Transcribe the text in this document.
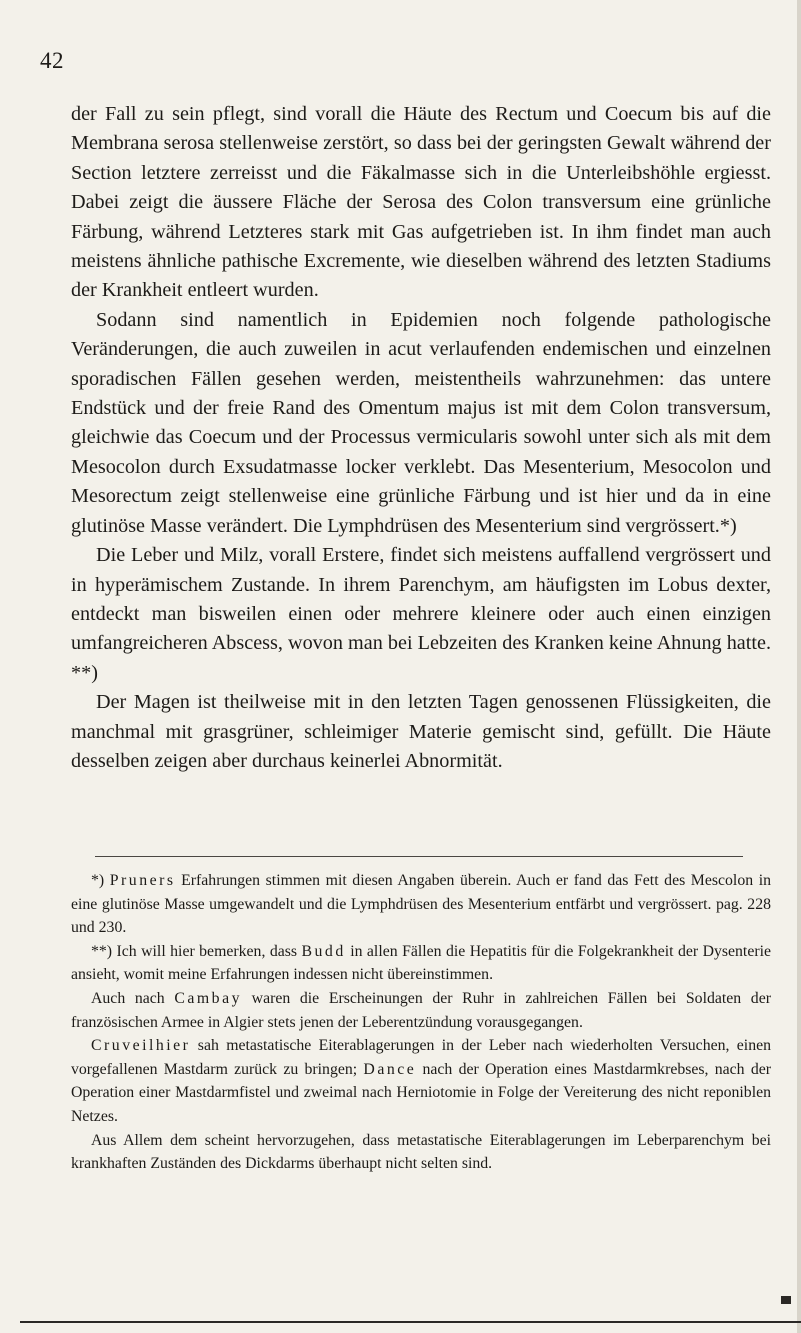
42

der Fall zu sein pflegt, sind vorall die Häute des Rectum und Coecum bis auf die Membrana serosa stellenweise zerstört, so dass bei der geringsten Gewalt während der Section letztere zerreisst und die Fäkalmasse sich in die Unterleibshöhle ergiesst. Dabei zeigt die äussere Fläche der Serosa des Colon transversum eine grünliche Färbung, während Letzteres stark mit Gas aufgetrieben ist. In ihm findet man auch meistens ähnliche pathische Excremente, wie dieselben während des letzten Stadiums der Krankheit entleert wurden.

Sodann sind namentlich in Epidemien noch folgende pathologische Veränderungen, die auch zuweilen in acut verlaufenden endemischen und einzelnen sporadischen Fällen gesehen werden, meistentheils wahrzunehmen: das untere Endstück und der freie Rand des Omentum majus ist mit dem Colon transversum, gleichwie das Coecum und der Processus vermicularis sowohl unter sich als mit dem Mesocolon durch Exsudatmasse locker verklebt. Das Mesenterium, Mesocolon und Mesorectum zeigt stellenweise eine grünliche Färbung und ist hier und da in eine glutinöse Masse verändert. Die Lymphdrüsen des Mesenterium sind vergrössert.*)

Die Leber und Milz, vorall Erstere, findet sich meistens auffallend vergrössert und in hyperämischem Zustande. In ihrem Parenchym, am häufigsten im Lobus dexter, entdeckt man bisweilen einen oder mehrere kleinere oder auch einen einzigen umfangreicheren Abscess, wovon man bei Lebzeiten des Kranken keine Ahnung hatte. **)

Der Magen ist theilweise mit in den letzten Tagen genossenen Flüssigkeiten, die manchmal mit grasgrüner, schleimiger Materie gemischt sind, gefüllt. Die Häute desselben zeigen aber durchaus keinerlei Abnormität.

*) Pruners Erfahrungen stimmen mit diesen Angaben überein. Auch er fand das Fett des Mescolon in eine glutinöse Masse umgewandelt und die Lymphdrüsen des Mesenterium entfärbt und vergrössert. pag. 228 und 230.

**) Ich will hier bemerken, dass Budd in allen Fällen die Hepatitis für die Folgekrankheit der Dysenterie ansieht, womit meine Erfahrungen indessen nicht übereinstimmen.

Auch nach Cambay waren die Erscheinungen der Ruhr in zahlreichen Fällen bei Soldaten der französischen Armee in Algier stets jenen der Leberentzündung vorausgegangen.

Cruveilhier sah metastatische Eiterablagerungen in der Leber nach wiederholten Versuchen, einen vorgefallenen Mastdarm zurück zu bringen; Dance nach der Operation eines Mastdarmkrebses, nach der Operation einer Mastdarmfistel und zweimal nach Herniotomie in Folge der Vereiterung des nicht reponiblen Netzes.

Aus Allem dem scheint hervorzugehen, dass metastatische Eiterablagerungen im Leberparenchym bei krankhaften Zuständen des Dickdarms überhaupt nicht selten sind.
